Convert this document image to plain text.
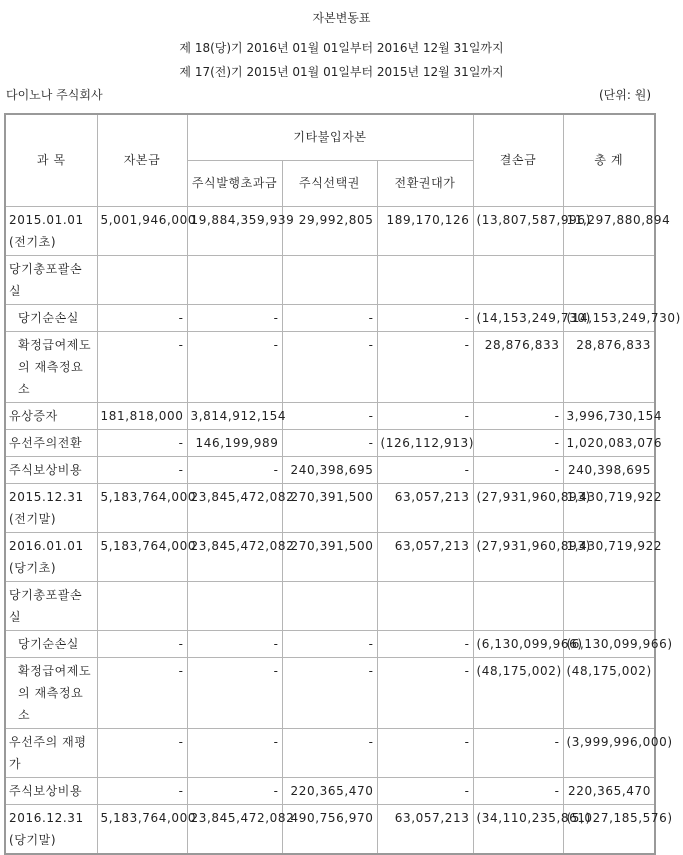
자본변동표
제 18(당)기 2016년 01월 01일부터 2016년 12월 31일까지
제 17(전)기 2015년 01월 01일부터 2015년 12월 31일까지
다이노나 주식회사	(단위: 원)
과 목	자본금	기타불입자본			결손금	총 계
		주식발행초과금	주식선택권	전환권대가		
2015.01.01(전기초)	5,001,946,000	19,884,359,939	29,992,805	189,170,126	(13,807,587,996)	11,297,880,894
당기총포괄손실						
당기순손실	-	-	-	-	(14,153,249,730)	(14,153,249,730)
확정급여제도의 재측정요소	-	-	-	-	28,876,833	28,876,833
유상증자	181,818,000	3,814,912,154	-	-	-	3,996,730,154
우선주의전환	-	146,199,989	-	(126,112,913)	-	1,020,083,076
주식보상비용	-	-	240,398,695	-	-	240,398,695
2015.12.31(전기말)	5,183,764,000	23,845,472,082	270,391,500	63,057,213	(27,931,960,893)	1,430,719,922
2016.01.01(당기초)	5,183,764,000	23,845,472,082	270,391,500	63,057,213	(27,931,960,893)	1,430,719,922
당기총포괄손실						
당기순손실	-	-	-	-	(6,130,099,966)	(6,130,099,966)
확정급여제도의 재측정요소	-	-	-	-	(48,175,002)	(48,175,002)
우선주의 재평가	-	-	-	-	-	(3,999,996,000)
주식보상비용	-	-	220,365,470	-	-	220,365,470
2016.12.31(당기말)	5,183,764,000	23,845,472,082	490,756,970	63,057,213	(34,110,235,861)	(5,027,185,576)
